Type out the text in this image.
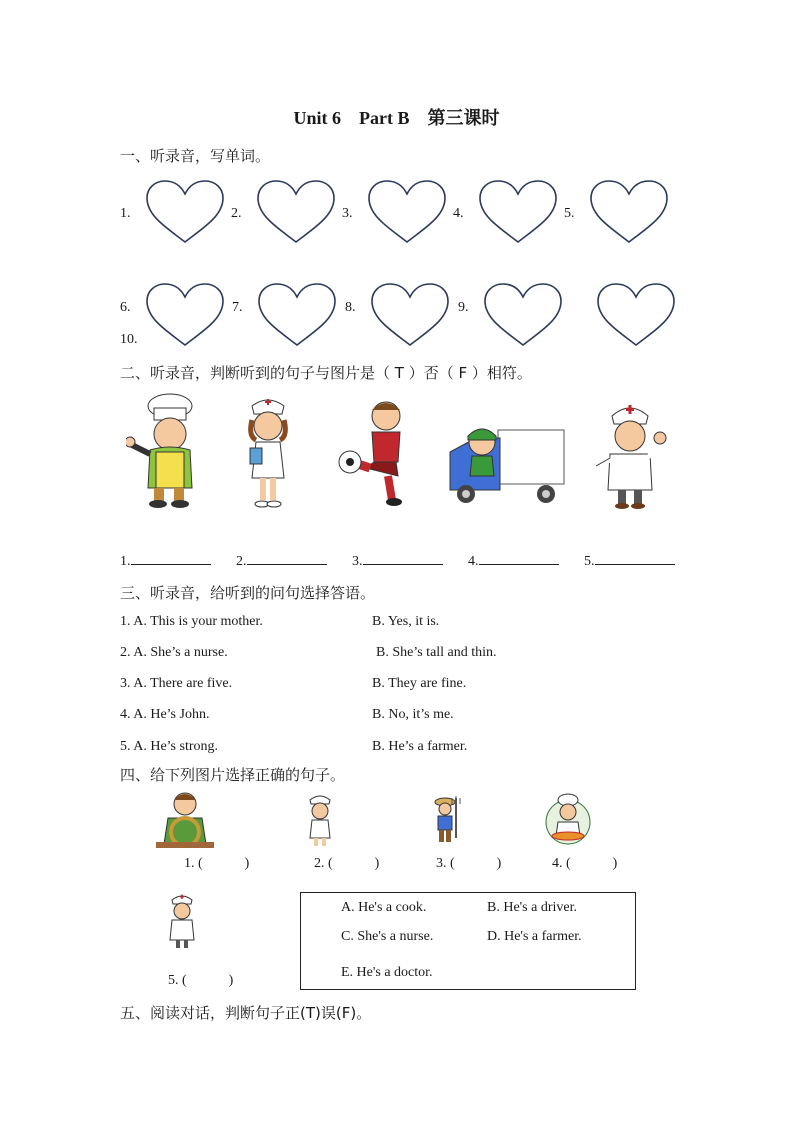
Unit 6    Part B    第三课时
一、听录音，写单词。
1.	2.	3.	4.	5.
6.	7.	8.	9.
10.
二、听录音，判断听到的句子与图片是（ T ）否（ F ）相符。
1.	2.	3.	4.	5.
三、听录音，给听到的问句选择答语。
1. A. This is your mother.	B. Yes, it is.
2. A. She’s a nurse.	B. She’s tall and thin.
3. A. There are five.	B. They are fine.
4. A. He’s John.	B. No, it’s me.
5. A. He’s strong.	B. He’s a farmer.
四、给下列图片选择正确的句子。
1. (            )	2. (            )	3. (            )	4. (            )
5. (            )
A. He's a cook.	B. He's a driver.
C. She's a nurse.	D. He's a farmer.
E. He's a doctor.
五、阅读对话，判断句子正(T)误(F)。
